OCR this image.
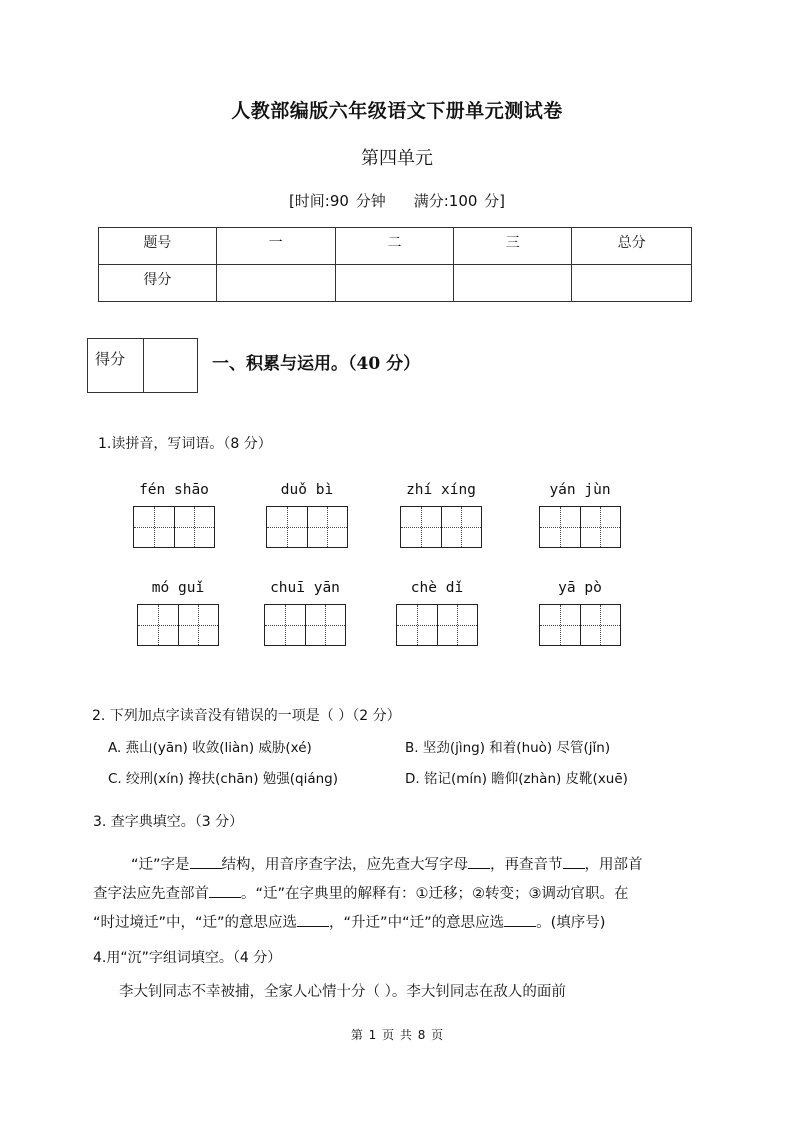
人教部编版六年级语文下册单元测试卷
第四单元
[时间:90 分钟 满分:100 分]
题号	一	二	三	总分
得分				
得分	一、积累与运用。（40 分）
1.读拼音，写词语。（8 分）
fén shāo	duǒ bì	zhí xíng	yán jùn
mó guǐ	chuī yān	chè dǐ	yā pò
2. 下列加点字读音没有错误的一项是（ ）（2 分）
A. 燕山(yān) 收敛(liàn) 威胁(xé)	B. 坚劲(jìng) 和着(huò) 尽管(jǐn)
C. 绞刑(xín) 搀扶(chān) 勉强(qiáng)	D. 铭记(mín) 瞻仰(zhàn) 皮靴(xuē)
3. 查字典填空。（3 分）
“迁”字是 结构，用音序查字法，应先查大写字母 ，再查音节 ，用部首
查字法应先查部首 。“迁”在字典里的解释有：①迁移；②转变；③调动官职。在
“时过境迁”中，“迁”的意思应选 ，“升迁”中“迁”的意思应选 。(填序号)
4.用“沉”字组词填空。（4 分）
李大钊同志不幸被捕，全家人心情十分（ ）。李大钊同志在敌人的面前
第 1 页 共 8 页
